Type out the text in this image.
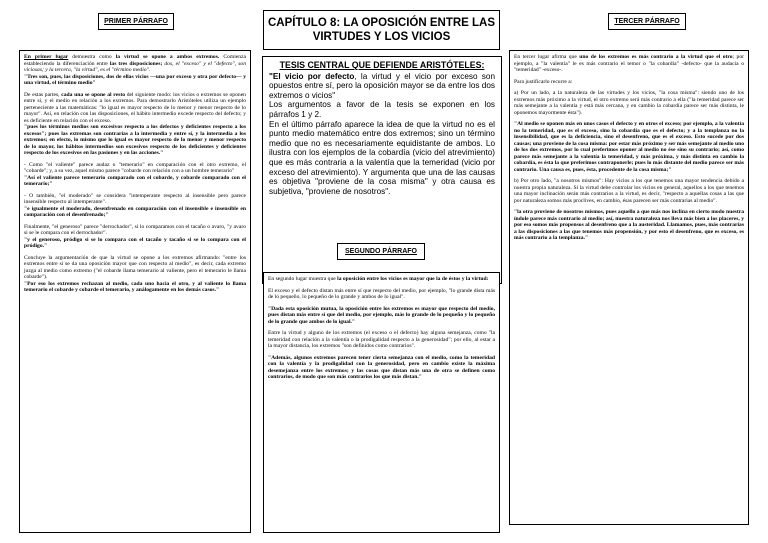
PRIMER PÁRRAFO	TERCER PÁRRAFO
CAPÍTULO 8: LA OPOSICIÓN ENTRE LAS
VIRTUDES Y LOS VICIOS
TESIS CENTRAL QUE DEFIENDE ARISTÓTELES:
"El vicio por defecto, la virtud y el vicio por exceso son opuestos entre sí, pero la oposición mayor se da entre los dos extremos o vicios"
Los argumentos a favor de la tesis se exponen en los párrafos 1 y 2.
En el último párrafo aparece la idea de que la virtud no es el punto medio matemático entre dos extremos; sino un término medio que no es necesariamente equidistante de ambos. Lo ilustra con los ejemplos de la cobardía (vicio del atrevimiento) que es más contraria a la valentía que la temeridad (vicio por exceso del atrevimiento). Y argumenta que una de las causas es objetiva "proviene de la cosa misma" y otra causa es subjetiva, "proviene de nosotros".
SEGUNDO PÁRRAFO

En primer lugar demuestra como la virtud se opone a ambos extremos. Comienza estableciendo la diferenciación entre las tres disposiciones; dos, el "exceso" y el "defecto", son viciosas; y la tercera, "la virtud", es el "término medio".

"Tres son, pues, las disposiciones, dos de ellas vicios —una por exceso y otra por defecto— y una virtud, el término medio"

De estas partes, cada una se opone al resto del siguiente modo: los vicios o extremos se oponen entre sí, y el medio en relación a los extremos. Para demostrarlo Aristóteles utiliza un ejemplo perteneciente a las matemáticas: "lo igual es mayor respecto de lo menor y menor respecto de lo mayor". Así, en relación con las disposiciones, el hábito intermedio excede respecto del defecto; y es deficiente en relación con el exceso.

"pues los términos medios son excesivos respecto a los defectos y deficientes respecto a los excesos"; pues las extremas son contrarias a la intermedia y entre sí, y la intermedia a los extremos; en efecto, lo mismo que lo igual es mayor respecto de lo menor y menor respecto de lo mayor, los hábitos intermedios son excesivos respecto de los deficientes y deficientes respecto de los excesivos en las pasiones y en las acciones."

- Como "el valiente" parece audaz o "temerario" en comparación con el otro extremo, el "cobarde"; y, a su vez, aquel mismo parece "cobarde con relación con a un hombre temerario"

"Así el valiente parece temerario comparado con el cobarde, y cobarde comparado con el temerario;"

- O también, "el moderado" se considera "intemperante respecto al insensible pero parece insensible respecto al intemperante".

"e igualmente el moderado, desenfrenado en comparación con el insensible e insensible en comparación con el desenfrenado;"

Finalmente, "el generoso" parece "derrochador", si lo comparamos con el tacaño o avaro, "y avaro si se le compara con el derrochador".

"y el generoso, pródigo si se lo compara con el tacaño y tacaño si se lo compara con el pródigo."

Concluye la argumentación de que la virtud se opone a los extremos afirmando: "entre los extremos entre sí se da una oposición mayor que con respecto al medio", es decir, cada extremo juzga al medio como extremo ("el cobarde llama temerario al valiente, pero el temerario le llama cobarde").

"Por eso los extremos rechazan al medio, cada uno hacia el otro, y al valiente lo llama temerario el cobarde y cobarde el temerario, y análogamente en los demás casos."

En segundo lugar muestra que la oposición entre los vicios es mayor que la de éstos y la virtud:

El exceso y el defecto distan más entre sí que respecto del medio, por ejemplo, "lo grande dista más de lo pequeño, lo pequeño de lo grande y ambos de lo igual".

"Dada esta oposición mutua, la oposición entre los extremos es mayor que respecto del medio, pues distan más entre sí que del medio, por ejemplo, más lo grande de lo pequeño y lo pequeño de lo grande que ambos de lo igual."

Entre la virtud y alguno de los extremos (el exceso o el defecto) hay alguna semejanza, como "la temeridad con relación a la valentía o la prodigalidad respecto a la generosidad"; por ello, al estar a la mayor distancia, los extremos "son definidos como contrarios".

"Además, algunos extremos parecen tener cierta semejanza con el medio, como la temeridad con la valentía y la prodigalidad con la generosidad, pero en cambio existe la máxima desemejanza entre los extremos; y las cosas que distan más una de otra se definen como contrarios, de modo que son más contrarios los que más distan."

En tercer lugar afirma que uno de los extremos es más contrario a la virtud que el otro; por ejemplo, a "la valentía" le es más contrario el temor o "la cobardía" -defecto- que la audacia o "temeridad" -exceso-.

Para justificarlo recurre a:

a) Por un lado, a la naturaleza de las virtudes y los vicios, "la cosa misma": siendo uno de los extremos más próximo a la virtud, el otro extremo será más contrario a ella ("la temeridad parece ser más semejante a la valentía y está más cercana, y en cambio la cobardía parece ser más distinta, le oponemos mayormente ésta").

"Al medio se oponen más en unos casos el defecto y en otros el exceso; por ejemplo, a la valentía no la temeridad, que es el exceso, sino la cobardía que es el defecto; y a la templanza no la insensibilidad, que es la deficiencia, sino el desenfreno, que es el exceso. Esto sucede por dos causas; una proviene de la cosa misma: por estar más próximo y ser más semejante al medio uno de los dos extremos, por lo cual preferimos oponer al medio no ése sino su contrario; así, como parece más semejante a la valentía la temeridad, y más próxima, y más distinta en cambio la cobardía, es ésta la que preferimos contraponerle; pues lo más distante del medio parece ser más contrario. Una causa es, pues, ésta, procedente de la cosa misma;"

b) Por otro lado, "a nosotros mismos": Hay vicios a los que tenemos una mayor tendencia debido a nuestra propia naturaleza. Si la virtud debe controlar los vicios en general, aquellos a los que tenemos una mayor inclinación serán más contrarios a la virtud, es decir, "respecto a aquellas cosas a las que por naturaleza somos más proclives, en cambio, ésas parecen ser más contrarias al medio".

"la otra proviene de nosotros mismos, pues aquello a que más nos inclina en cierto modo nuestra índole parece más contrario al medio; así, nuestra naturaleza nos lleva más bien a los placeres, y por eso somos más propensos al desenfreno que a la austeridad. Llamamos, pues, más contrarias a las disposiciones a las que tenemos más propensión, y por esto el desenfreno, que es exceso, es más contrario a la templanza."
